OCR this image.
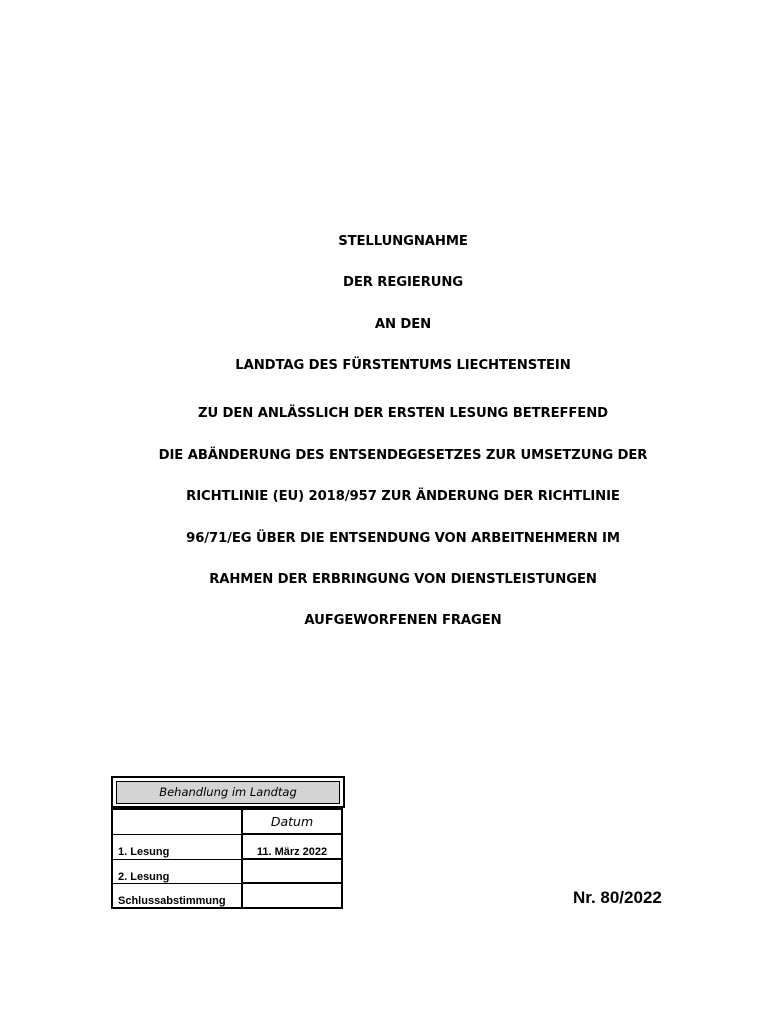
STELLUNGNAHME
DER REGIERUNG
AN DEN
LANDTAG DES FÜRSTENTUMS LIECHTENSTEIN
ZU DEN ANLÄSSLICH DER ERSTEN LESUNG BETREFFEND
DIE ABÄNDERUNG DES ENTSENDEGESETZES ZUR UMSETZUNG DER
RICHTLINIE (EU) 2018/957 ZUR ÄNDERUNG DER RICHTLINIE
96/71/EG ÜBER DIE ENTSENDUNG VON ARBEITNEHMERN IM
RAHMEN DER ERBRINGUNG VON DIENSTLEISTUNGEN
AUFGEWORFENEN FRAGEN
Behandlung im Landtag
Datum
1. Lesung	11. März 2022
2. Lesung
Schlussabstimmung	Nr. 80/2022
